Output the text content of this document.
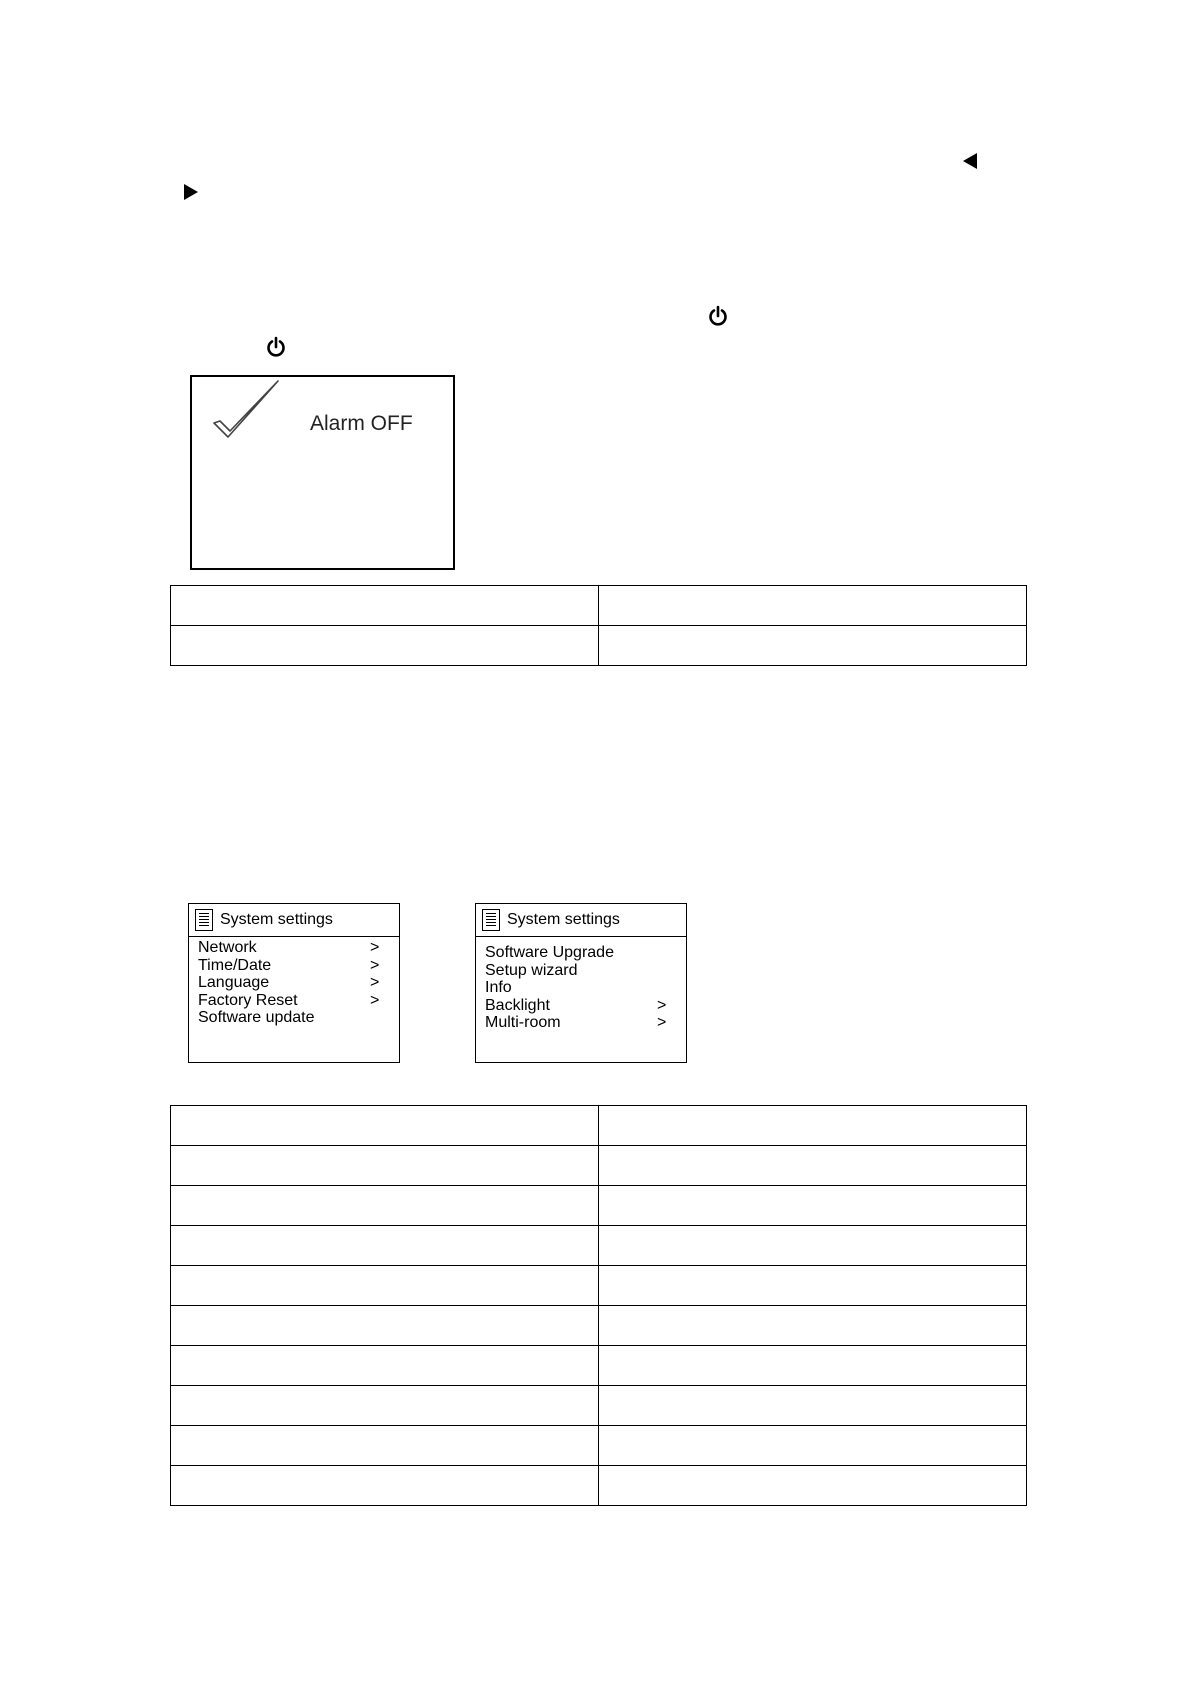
Alarm OFF

System settings
Network	>
Time/Date	>
Language	>
Factory Reset	>
Software update
System settings
Software Upgrade
Setup wizard
Info
Backlight	>
Multi-room	>
